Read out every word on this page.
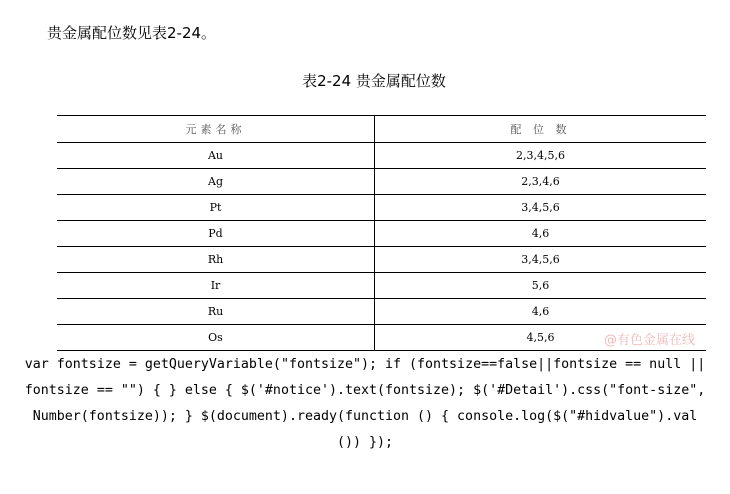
贵金属配位数见表2-24。
表2-24 贵金属配位数
元素名称	配 位 数
Au	2,3,4,5,6
Ag	2,3,4,6
Pt	3,4,5,6
Pd	4,6
Rh	3,4,5,6
Ir	5,6
Ru	4,6
Os	4,5,6	@有色金属在线
var fontsize = getQueryVariable("fontsize"); if (fontsize==false||fontsize == null || fontsize == "") { } else { $('#notice').text(fontsize); $('#Detail').css("font-size", Number(fontsize)); } $(document).ready(function () { console.log($("#hidvalue").val ()) });
